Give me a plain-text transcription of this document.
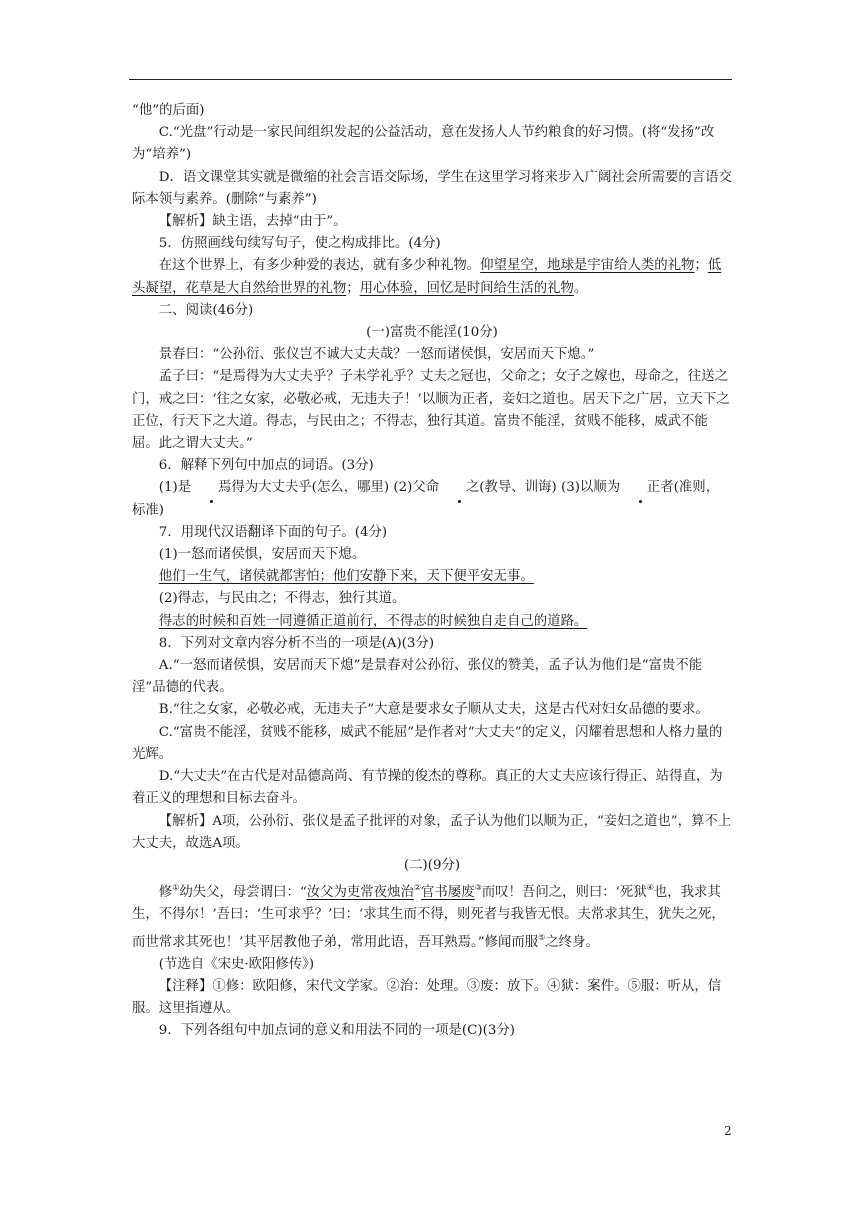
“他”的后面)

C.“光盘”行动是一家民间组织发起的公益活动，意在发扬人人节约粮食的好习惯。(将“发扬”改为“培养”)

D．语文课堂其实就是微缩的社会言语交际场，学生在这里学习将来步入广阔社会所需要的言语交际本领与素养。(删除“与素养”)

【解析】缺主语，去掉“由于”。

5．仿照画线句续写句子，使之构成排比。(4分)

在这个世界上，有多少种爱的表达，就有多少种礼物。仰望星空，地球是宇宙给人类的礼物；低头凝望，花草是大自然给世界的礼物；用心体验，回忆是时间给生活的礼物。

二、阅读(46分)

(一)富贵不能淫(10分)

景春曰：“公孙衍、张仪岂不诚大丈夫哉？一怒而诸侯惧，安居而天下熄。”

孟子曰：“是焉得为大丈夫乎？子未学礼乎？丈夫之冠也，父命之；女子之嫁也，母命之，往送之门，戒之曰：‘往之女家，必敬必戒，无违夫子！’以顺为正者，妾妇之道也。居天下之广居，立天下之正位，行天下之大道。得志，与民由之；不得志，独行其道。富贵不能淫，贫贱不能移，威武不能屈。此之谓大丈夫。”

6．解释下列句中加点的词语。(3分)

(1)是 焉得为大丈夫乎(怎么，哪里) (2)父命 之(教导、训诲) (3)以顺为 正者(准则，标准)

7．用现代汉语翻译下面的句子。(4分)

(1)一怒而诸侯惧，安居而天下熄。

他们一生气，诸侯就都害怕；他们安静下来，天下便平安无事。

(2)得志，与民由之；不得志，独行其道。

得志的时候和百姓一同遵循正道前行，不得志的时候独自走自己的道路。

8．下列对文章内容分析不当的一项是(A)(3分)

A.“一怒而诸侯惧，安居而天下熄”是景春对公孙衍、张仪的赞美，孟子认为他们是“富贵不能淫”品德的代表。

B.“往之女家，必敬必戒，无违夫子”大意是要求女子顺从丈夫，这是古代对妇女品德的要求。

C.“富贵不能淫，贫贱不能移，威武不能屈”是作者对“大丈夫”的定义，闪耀着思想和人格力量的光辉。

D.“大丈夫”在古代是对品德高尚、有节操的俊杰的尊称。真正的大丈夫应该行得正、站得直，为着正义的理想和目标去奋斗。

【解析】A项，公孙衍、张仪是孟子批评的对象，孟子认为他们以顺为正，“妾妇之道也”，算不上大丈夫，故选A项。

(二)(9分)

修①幼失父，母尝谓曰：“汝父为吏常夜烛治②官书屡废③而叹！吾问之，则曰：‘死狱④也，我求其生，不得尔！’吾曰：‘生可求乎？’曰：‘求其生而不得，则死者与我皆无恨。夫常求其生，犹失之死，而世常求其死也！’其平居教他子弟，常用此语，吾耳熟焉。”修闻而服⑤之终身。

(节选自《宋史·欧阳修传》)

【注释】①修：欧阳修，宋代文学家。②治：处理。③废：放下。④狱：案件。⑤服：听从，信服。这里指遵从。

9．下列各组句中加点词的意义和用法不同的一项是(C)(3分)

2
